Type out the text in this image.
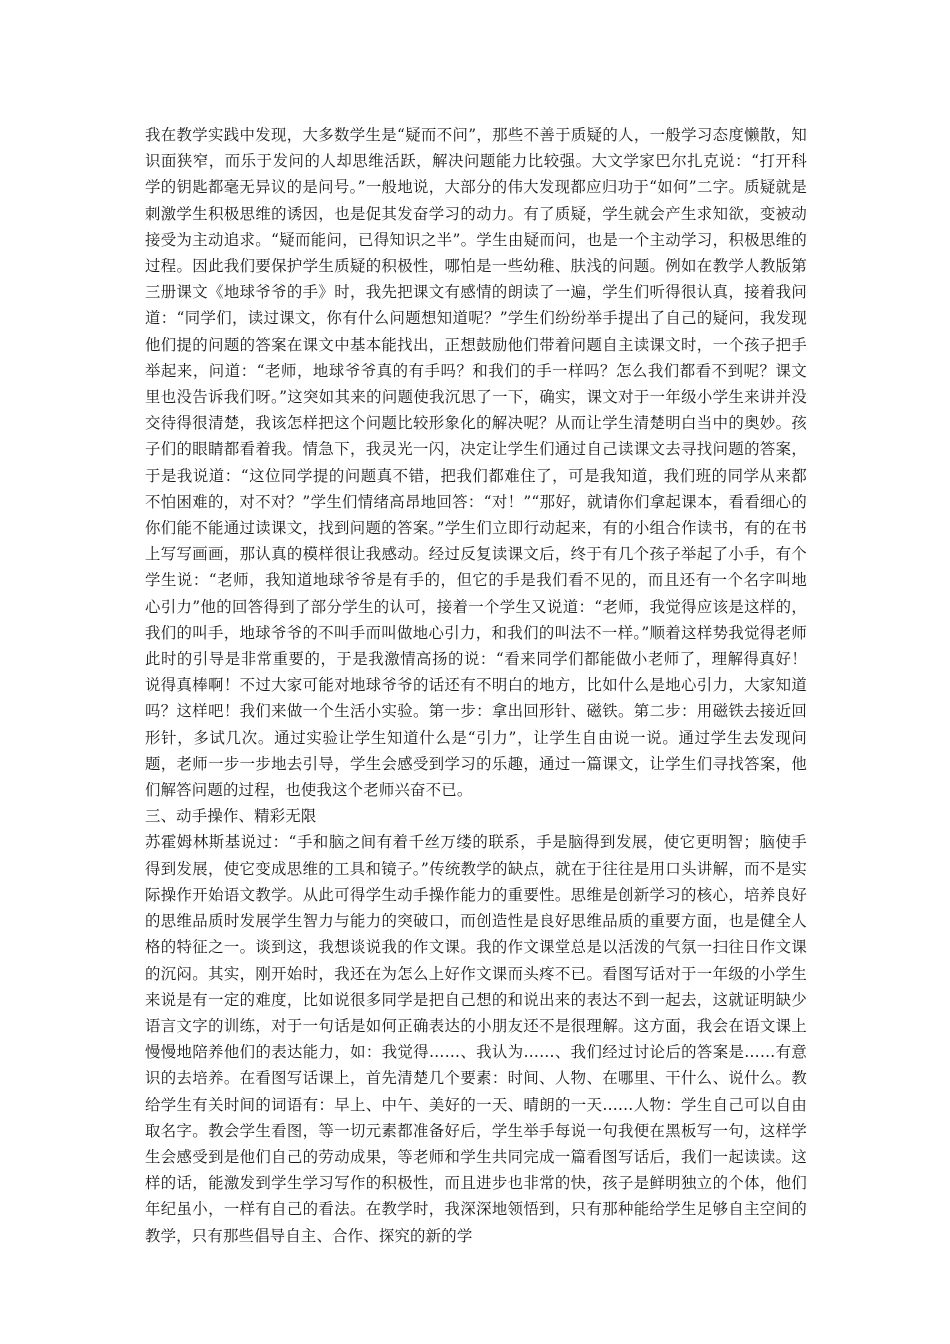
我在教学实践中发现，大多数学生是“疑而不问”，那些不善于质疑的人，一般学习态度懒散，知识面狭窄，而乐于发问的人却思维活跃，解决问题能力比较强。大文学家巴尔扎克说：“打开科学的钥匙都毫无异议的是问号。”一般地说，大部分的伟大发现都应归功于“如何”二字。质疑就是刺激学生积极思维的诱因，也是促其发奋学习的动力。有了质疑，学生就会产生求知欲，变被动接受为主动追求。“疑而能问，已得知识之半”。学生由疑而问，也是一个主动学习，积极思维的过程。因此我们要保护学生质疑的积极性，哪怕是一些幼稚、肤浅的问题。例如在教学人教版第三册课文《地球爷爷的手》时，我先把课文有感情的朗读了一遍，学生们听得很认真，接着我问道：“同学们，读过课文，你有什么问题想知道呢？”学生们纷纷举手提出了自己的疑问，我发现他们提的问题的答案在课文中基本能找出，正想鼓励他们带着问题自主读课文时，一个孩子把手举起来，问道：“老师，地球爷爷真的有手吗？和我们的手一样吗？怎么我们都看不到呢？课文里也没告诉我们呀。”这突如其来的问题使我沉思了一下，确实，课文对于一年级小学生来讲并没交待得很清楚，我该怎样把这个问题比较形象化的解决呢？从而让学生清楚明白当中的奥妙。孩子们的眼睛都看着我。情急下，我灵光一闪，决定让学生们通过自己读课文去寻找问题的答案，于是我说道：“这位同学提的问题真不错，把我们都难住了，可是我知道，我们班的同学从来都不怕困难的，对不对？”学生们情绪高昂地回答：“对！”“那好，就请你们拿起课本，看看细心的你们能不能通过读课文，找到问题的答案。”学生们立即行动起来，有的小组合作读书，有的在书上写写画画，那认真的模样很让我感动。经过反复读课文后，终于有几个孩子举起了小手，有个学生说：“老师，我知道地球爷爷是有手的，但它的手是我们看不见的，而且还有一个名字叫地心引力”他的回答得到了部分学生的认可，接着一个学生又说道：“老师，我觉得应该是这样的，我们的叫手，地球爷爷的不叫手而叫做地心引力，和我们的叫法不一样。”顺着这样势我觉得老师此时的引导是非常重要的，于是我激情高扬的说：“看来同学们都能做小老师了，理解得真好！说得真棒啊！不过大家可能对地球爷爷的话还有不明白的地方，比如什么是地心引力，大家知道吗？这样吧！我们来做一个生活小实验。第一步：拿出回形针、磁铁。第二步：用磁铁去接近回形针，多试几次。通过实验让学生知道什么是“引力”，让学生自由说一说。通过学生去发现问题，老师一步一步地去引导，学生会感受到学习的乐趣，通过一篇课文，让学生们寻找答案，他们解答问题的过程，也使我这个老师兴奋不已。

三、动手操作、精彩无限

苏霍姆林斯基说过：“手和脑之间有着千丝万缕的联系，手是脑得到发展，使它更明智；脑使手得到发展，使它变成思维的工具和镜子。”传统教学的缺点，就在于往往是用口头讲解，而不是实际操作开始语文教学。从此可得学生动手操作能力的重要性。思维是创新学习的核心，培养良好的思维品质时发展学生智力与能力的突破口，而创造性是良好思维品质的重要方面，也是健全人格的特征之一。谈到这，我想谈说我的作文课。我的作文课堂总是以活泼的气氛一扫往日作文课的沉闷。其实，刚开始时，我还在为怎么上好作文课而头疼不已。看图写话对于一年级的小学生来说是有一定的难度，比如说很多同学是把自己想的和说出来的表达不到一起去，这就证明缺少语言文字的训练，对于一句话是如何正确表达的小朋友还不是很理解。这方面，我会在语文课上慢慢地陪养他们的表达能力，如：我觉得……、我认为……、我们经过讨论后的答案是……有意识的去培养。在看图写话课上，首先清楚几个要素：时间、人物、在哪里、干什么、说什么。教给学生有关时间的词语有：早上、中午、美好的一天、晴朗的一天……人物：学生自己可以自由取名字。教会学生看图，等一切元素都准备好后，学生举手每说一句我便在黑板写一句，这样学生会感受到是他们自己的劳动成果，等老师和学生共同完成一篇看图写话后，我们一起读读。这样的话，能激发到学生学习写作的积极性，而且进步也非常的快，孩子是鲜明独立的个体，他们年纪虽小，一样有自己的看法。在教学时，我深深地领悟到，只有那种能给学生足够自主空间的教学，只有那些倡导自主、合作、探究的新的学
